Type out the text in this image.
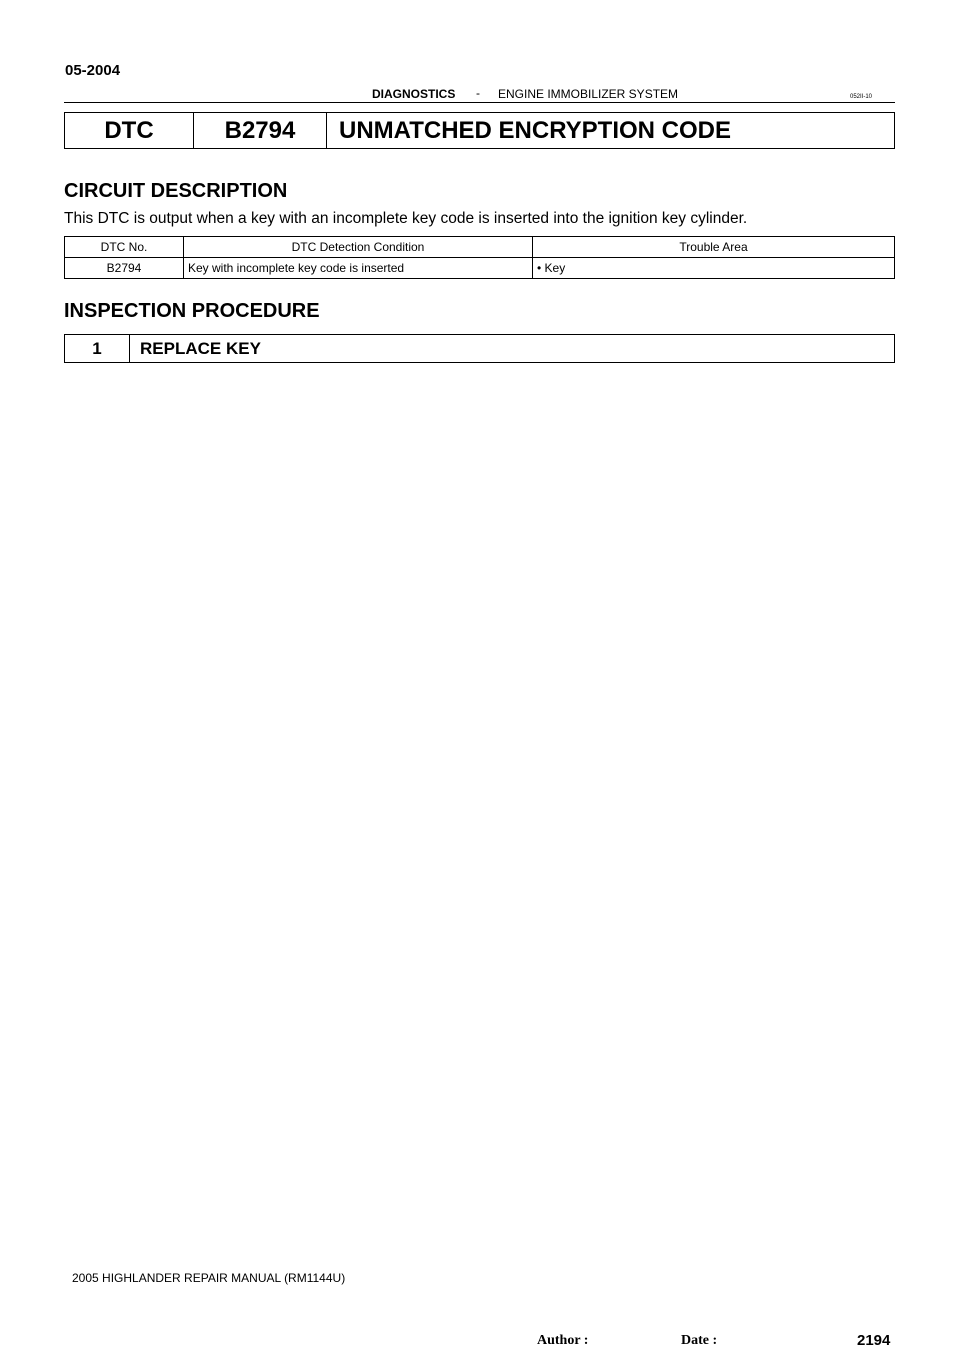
05-2004
DIAGNOSTICS - ENGINE IMMOBILIZER SYSTEM	052II-10
DTC	B2794	UNMATCHED ENCRYPTION CODE
CIRCUIT DESCRIPTION
This DTC is output when a key with an incomplete key code is inserted into the ignition key cylinder.
DTC No.	DTC Detection Condition	Trouble Area
B2794	Key with incomplete key code is inserted	• Key
INSPECTION PROCEDURE
1	REPLACE KEY
2005 HIGHLANDER REPAIR MANUAL (RM1144U)
Author :	Date :	2194
